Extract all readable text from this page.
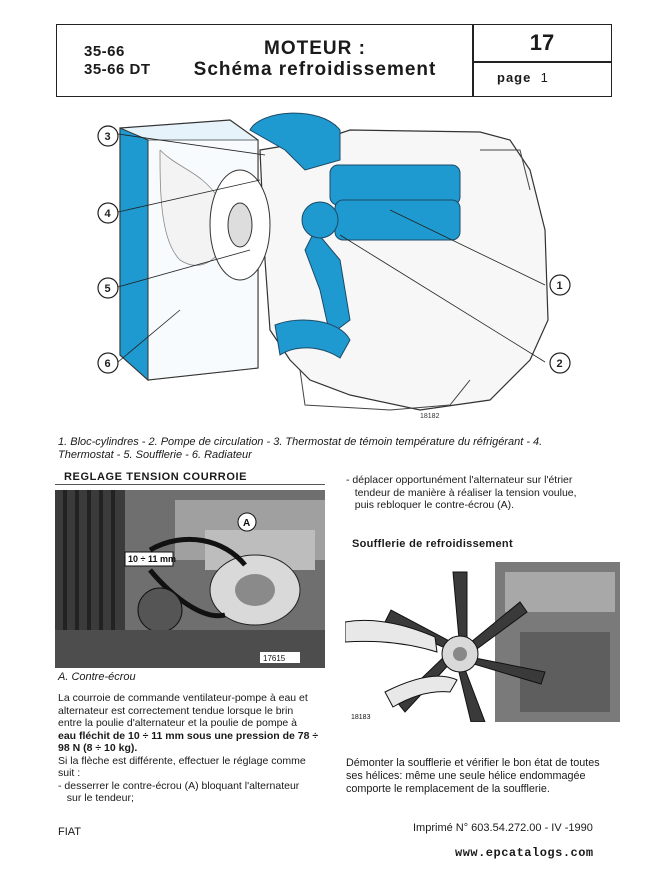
35-66
35-66 DT
MOTEUR :
Schéma refroidissement
17
page 1
18182
3
4
5
6
1
2
1. Bloc-cylindres - 2. Pompe de circulation - 3. Thermostat de témoin température du réfrigérant - 4.
Thermostat - 5. Soufflerie - 6. Radiateur
REGLAGE TENSION COURROIE
10 ÷ 11 mm
A
17615
A. Contre-écrou
La courroie de commande ventilateur-pompe à eau et
alternateur est correctement tendue lorsque le brin
entre la poulie d'alternateur et la poulie de pompe à
eau fléchit de 10 ÷ 11 mm sous une pression de 78 ÷
98 N (8 ÷ 10 kg).
Si la flèche est différente, effectuer le réglage comme
suit :
- desserrer le contre-écrou (A) bloquant l'alternateur
sur le tendeur;
- déplacer opportunément l'alternateur sur l'étrier
tendeur de manière à réaliser la tension voulue,
puis rebloquer le contre-écrou (A).
Soufflerie de refroidissement
18183
Démonter la soufflerie et vérifier le bon état de toutes
ses hélices: même une seule hélice endommagée
comporte le remplacement de la soufflerie.
FIAT	Imprimé N° 603.54.272.00 - IV -1990
www.epcatalogs.com
